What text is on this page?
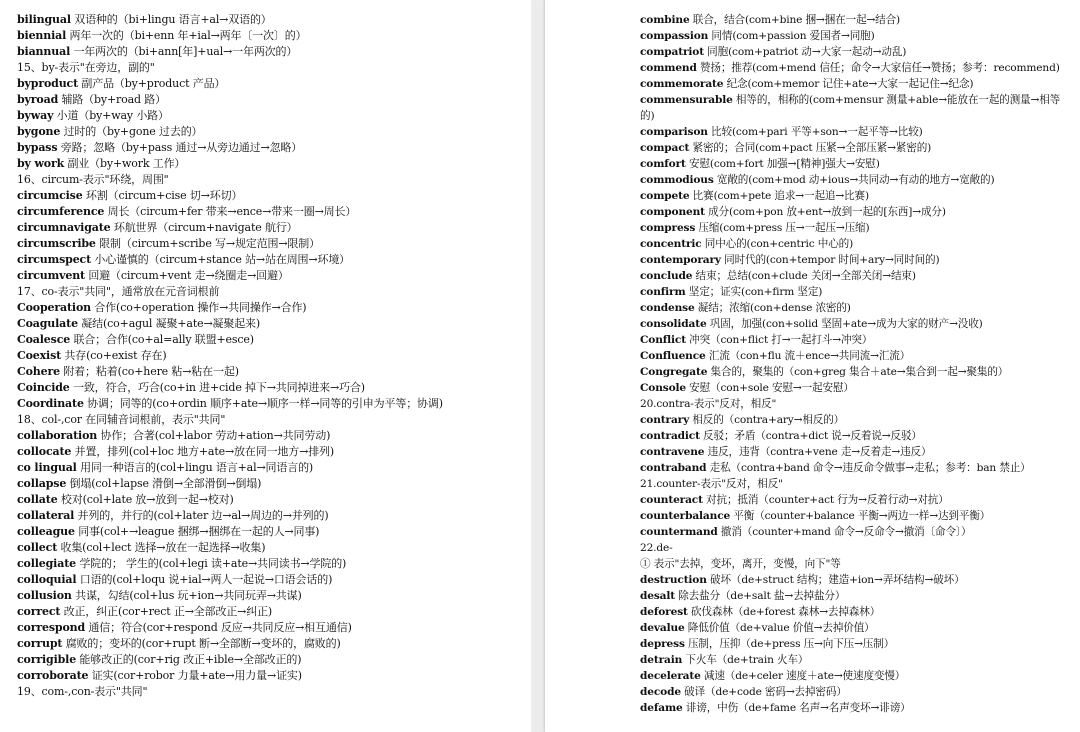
bilingual 双语种的（bi+lingu 语言+al→双语的）
biennial 两年一次的（bi+enn 年+ial→两年〔一次〕的）
biannual 一年两次的（bi+ann[年]+ual→一年两次的）
15、by-表示"在旁边，副的"
byproduct 副产品（by+product 产品）
byroad 辅路（by+road 路）
byway 小道（by+way 小路）
bygone 过时的（by+gone 过去的）
bypass 旁路；忽略（by+pass 通过→从旁边通过→忽略）
by work 副业（by+work 工作）
16、circum-表示"环绕，周围"
circumcise 环割（circum+cise 切→环切）
circumference 周长（circum+fer 带来→ence→带来一圈→周长）
circumnavigate 环航世界（circum+navigate 航行）
circumscribe 限制（circum+scribe 写→规定范围→限制）
circumspect 小心谨慎的（circum+stance 站→站在周围→环境）
circumvent 回避（circum+vent 走→绕圈走→回避）
17、co-表示"共同"，通常放在元音词根前
Cooperation 合作(co+operation 操作→共同操作→合作)
Coagulate 凝结(co+agul 凝聚+ate→凝聚起来)
Coalesce 联合；合作(co+al=ally 联盟+esce)
Coexist 共存(co+exist 存在)
Cohere 附着；粘着(co+here 粘→粘在一起)
Coincide 一致，符合，巧合(co+in 进+cide 掉下→共同掉进来→巧合)
Coordinate 协调；同等的(co+ordin 顺序+ate→顺序一样→同等的引申为平等；协调)
18、col-,cor 在同辅音词根前，表示"共同"
collaboration 协作；合著(col+labor 劳动+ation→共同劳动)
collocate 并置，排列(col+loc 地方+ate→放在同一地方→排列)
co lingual 用同一种语言的(col+lingu 语言+al→同语言的)
collapse 倒塌(col+lapse 滑倒→全部滑倒→倒塌)
collate 校对(col+late 放→放到一起→校对)
collateral 并列的，并行的(col+later 边→al→周边的→并列的)
colleague 同事(col+→league 捆绑→捆绑在一起的人→同事)
collect 收集(col+lect 选择→放在一起选择→收集)
collegiate 学院的； 学生的(col+legi 读+ate→共同读书→学院的)
colloquial 口语的(col+loqu 说+ial→两人一起说→口语会话的)
collusion 共谋，勾结(col+lus 玩+ion→共同玩弄→共谋)
correct 改正，纠正(cor+rect 正→全部改正→纠正)
correspond 通信；符合(cor+respond 反应→共同反应→相互通信)
corrupt 腐败的；变坏的(cor+rupt 断→全部断→变坏的，腐败的)
corrigible 能够改正的(cor+rig 改正+ible→全部改正的)
corroborate 证实(cor+robor 力量+ate→用力量→证实)
19、com-,con-表示"共同"
combine 联合，结合(com+bine 捆→捆在一起→结合)
compassion 同情(com+passion 爱国者→同胞)
compatriot 同胞(com+patriot 动→大家一起动→动乱)
commend 赞扬；推荐(com+mend 信任；命令→大家信任→赞扬；参考：recommend)
commemorate 纪念(com+memor 记住+ate→大家一起记住→纪念)
commensurable 相等的，相称的(com+mensur 测量+able→能放在一起的测量→相等的)
comparison 比较(com+pari 平等+son→一起平等→比较)
compact 紧密的；合同(com+pact 压紧→全部压紧→紧密的)
comfort 安慰(com+fort 加强→[精神]强大→安慰)
commodious 宽敞的(com+mod 动+ious→共同动→有动的地方→宽敞的)
compete 比赛(com+pete 追求→一起追→比赛)
component 成分(com+pon 放+ent→放到一起的[东西]→成分)
compress 压缩(com+press 压→一起压→压缩)
concentric 同中心的(con+centric 中心的)
contemporary 同时代的(con+tempor 时间+ary→同时间的)
conclude 结束；总结(con+clude 关闭→全部关闭→结束)
confirm 坚定；证实(con+firm 坚定)
condense 凝结；浓缩(con+dense 浓密的)
consolidate 巩固，加强(con+solid 坚固+ate→成为大家的财产→没收)
Conflict 冲突（con+flict 打→一起打斗→冲突）
Confluence 汇流（con+flu 流＋ence→共同流→汇流）
Congregate 集合的，聚集的（con+greg 集合＋ate→集合到一起→聚集的）
Console 安慰（con+sole 安慰→一起安慰）
20.contra-表示"反对，相反"
contrary 相反的（contra+ary→相反的）
contradict 反驳；矛盾（contra+dict 说→反着说→反驳）
contravene 违反，违背（contra+vene 走→反着走→违反）
contraband 走私（contra+band 命令→违反命令做事→走私；参考：ban 禁止）
21.counter-表示"反对，相反"
counteract 对抗；抵消（counter+act 行为→反着行动→对抗）
counterbalance 平衡（counter+balance 平衡→两边一样→达到平衡）
countermand 撤消（counter+mand 命令→反命令→撤消〔命令〕）
22.de-
① 表示"去掉，变坏，离开，变慢，向下"等
destruction 破坏（de+struct 结构；建造+ion→弄坏结构→破坏）
desalt 除去盐分（de+salt 盐→去掉盐分）
deforest 砍伐森林（de+forest 森林→去掉森林）
devalue 降低价值（de+value 价值→去掉价值）
depress 压制，压抑（de+press 压→向下压→压制）
detrain 下火车（de+train 火车）
decelerate 减速（de+celer 速度＋ate→使速度变慢）
decode 破译（de+code 密码→去掉密码）
defame 诽谤，中伤（de+fame 名声→名声变坏→诽谤）
